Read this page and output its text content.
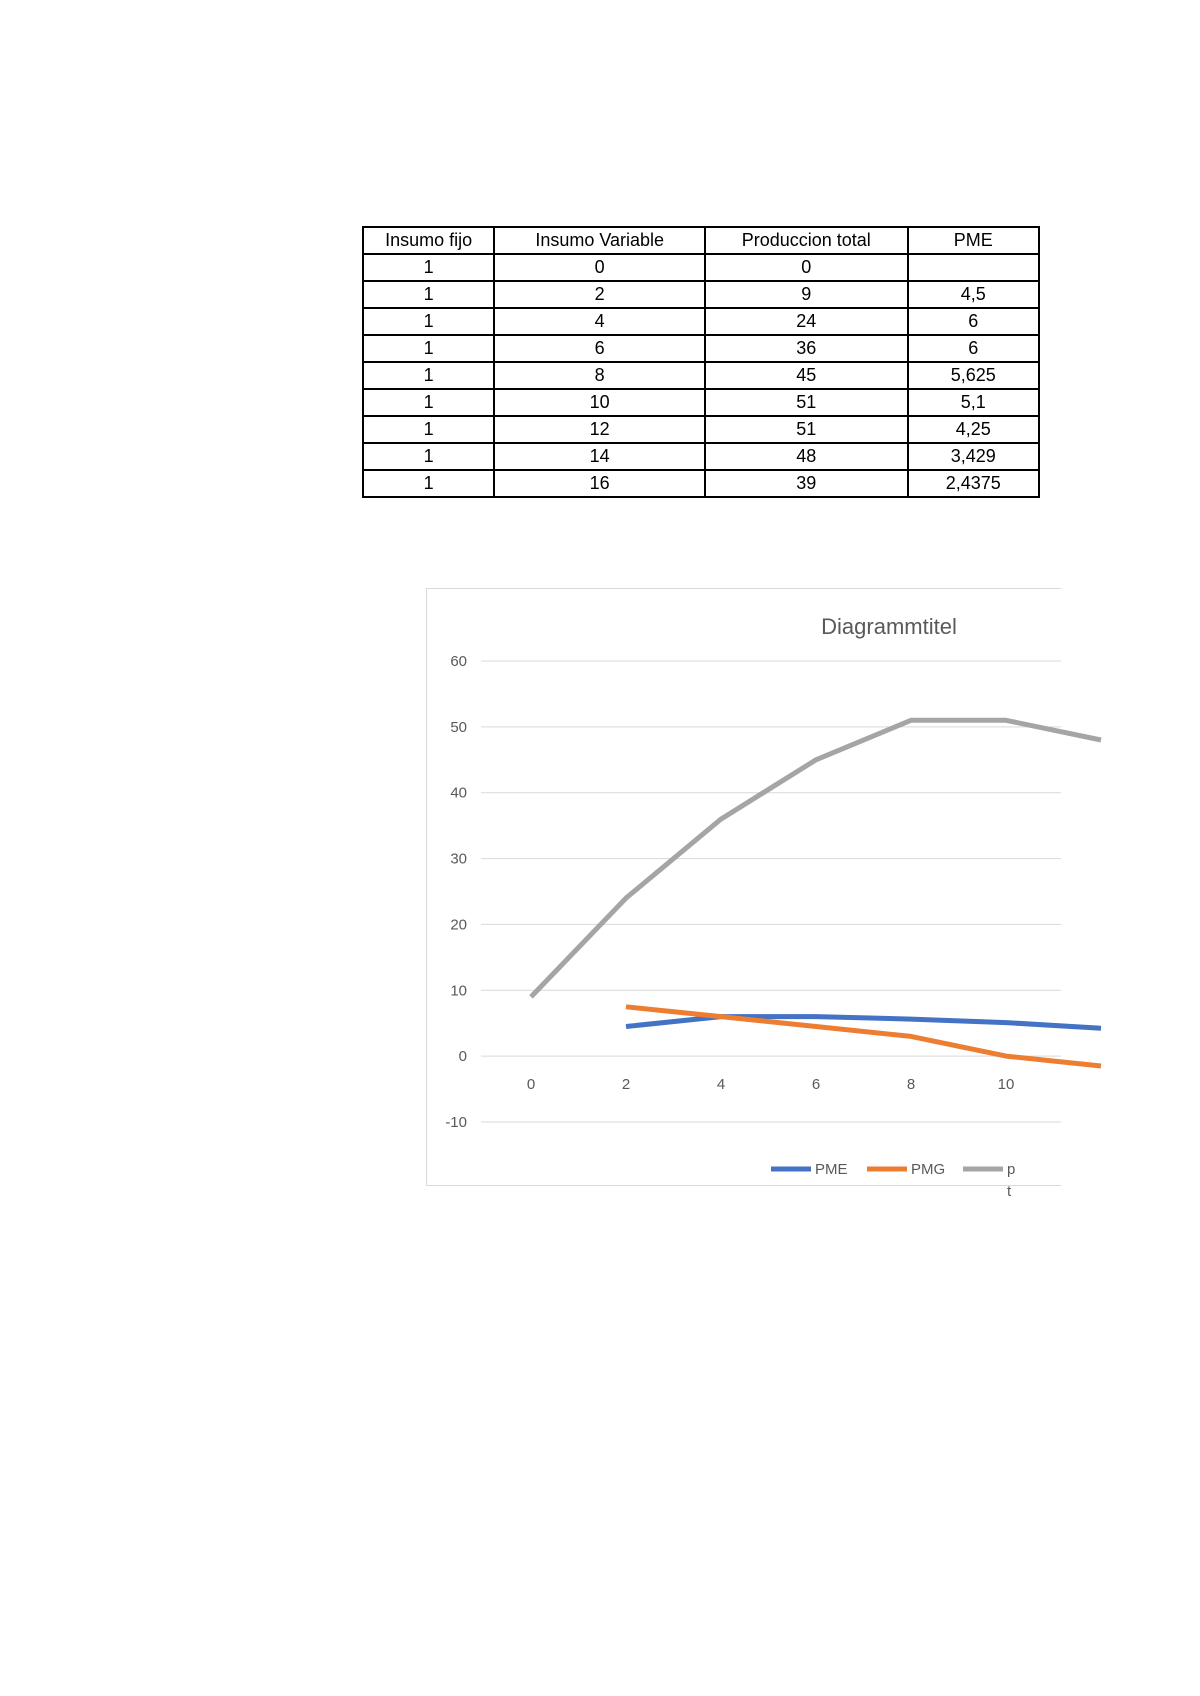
Insumo fijo	Insumo Variable	Produccion total	PME
1	0	0	
1	2	9	4,5
1	4	24	6
1	6	36	6
1	8	45	5,625
1	10	51	5,1
1	12	51	4,25
1	14	48	3,429
1	16	39	2,4375
Diagrammtitel
60
50
40
30
20
10
0
-10
0	2	4	6	8	10
PME	PMG	p t
